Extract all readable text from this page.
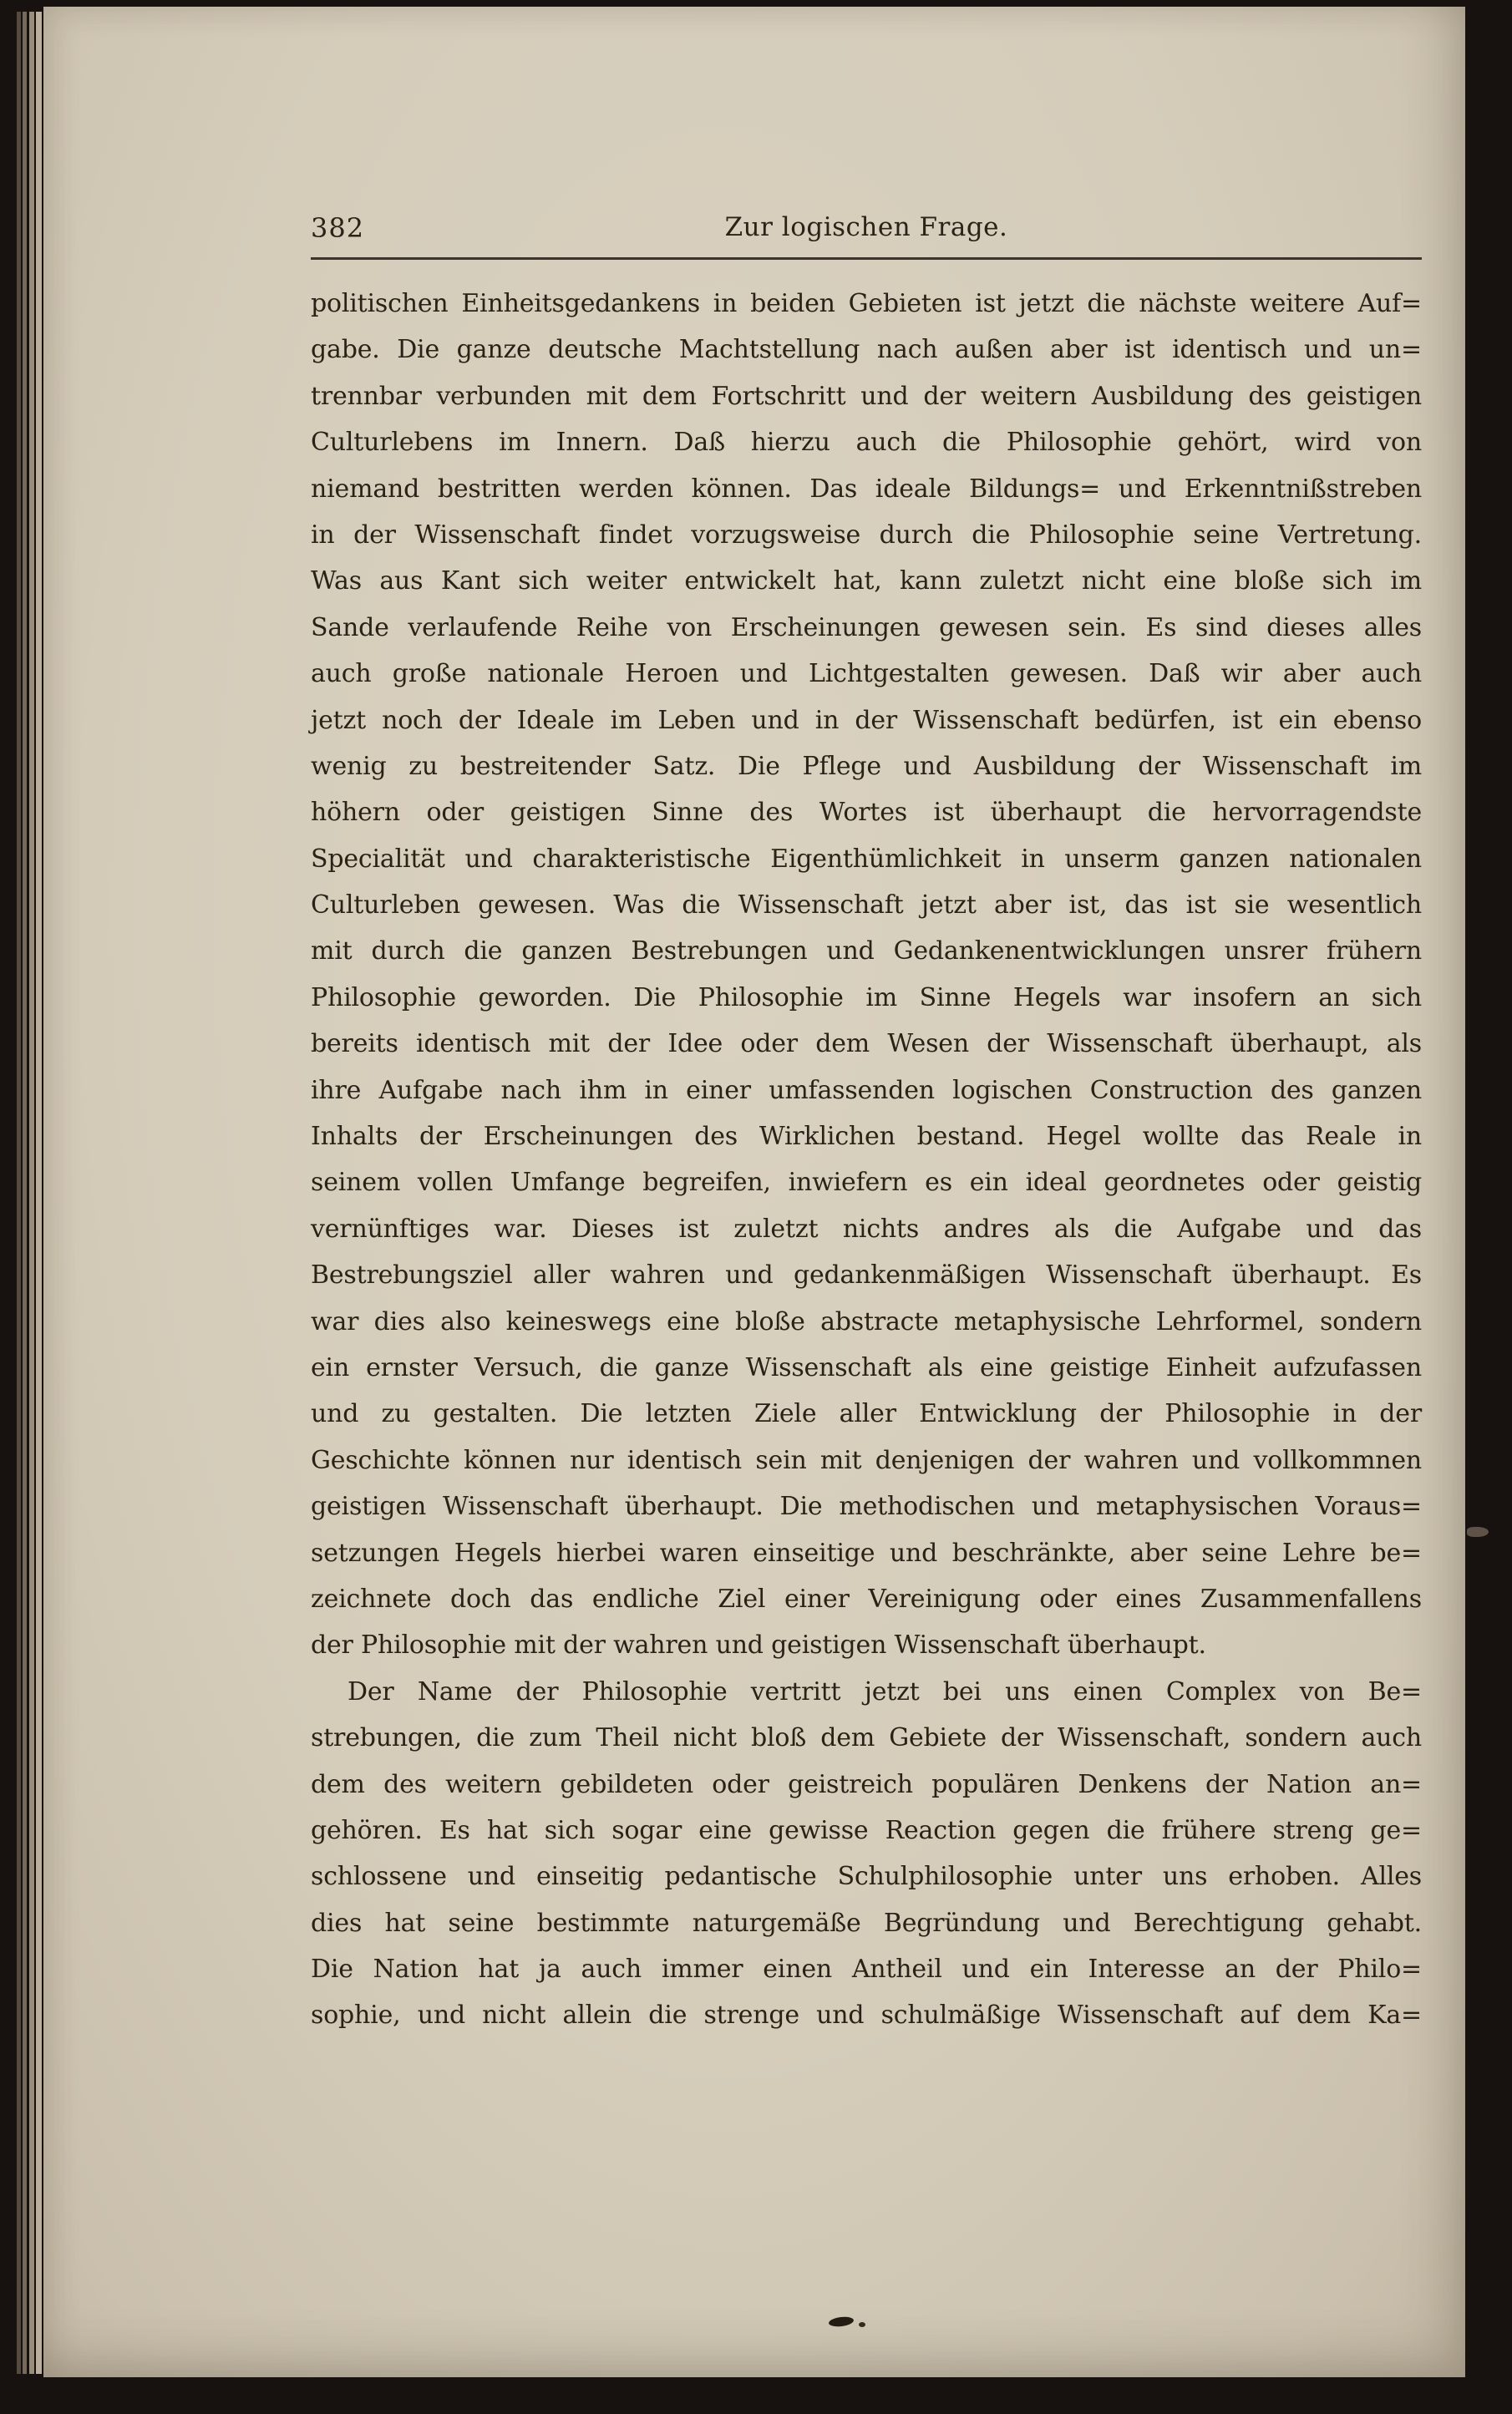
382	Zur logischen Frage.
politischen Einheitsgedankens in beiden Gebieten ist jetzt die nächste weitere Auf=
gabe. Die ganze deutsche Machtstellung nach außen aber ist identisch und un=
trennbar verbunden mit dem Fortschritt und der weitern Ausbildung des geistigen
Culturlebens im Innern. Daß hierzu auch die Philosophie gehört, wird von
niemand bestritten werden können. Das ideale Bildungs= und Erkenntnißstreben
in der Wissenschaft findet vorzugsweise durch die Philosophie seine Vertretung.
Was aus Kant sich weiter entwickelt hat, kann zuletzt nicht eine bloße sich im
Sande verlaufende Reihe von Erscheinungen gewesen sein. Es sind dieses alles
auch große nationale Heroen und Lichtgestalten gewesen. Daß wir aber auch
jetzt noch der Ideale im Leben und in der Wissenschaft bedürfen, ist ein ebenso
wenig zu bestreitender Satz. Die Pflege und Ausbildung der Wissenschaft im
höhern oder geistigen Sinne des Wortes ist überhaupt die hervorragendste
Specialität und charakteristische Eigenthümlichkeit in unserm ganzen nationalen
Culturleben gewesen. Was die Wissenschaft jetzt aber ist, das ist sie wesentlich
mit durch die ganzen Bestrebungen und Gedankenentwicklungen unsrer frühern
Philosophie geworden. Die Philosophie im Sinne Hegels war insofern an sich
bereits identisch mit der Idee oder dem Wesen der Wissenschaft überhaupt, als
ihre Aufgabe nach ihm in einer umfassenden logischen Construction des ganzen
Inhalts der Erscheinungen des Wirklichen bestand. Hegel wollte das Reale in
seinem vollen Umfange begreifen, inwiefern es ein ideal geordnetes oder geistig
vernünftiges war. Dieses ist zuletzt nichts andres als die Aufgabe und das
Bestrebungsziel aller wahren und gedankenmäßigen Wissenschaft überhaupt. Es
war dies also keineswegs eine bloße abstracte metaphysische Lehrformel, sondern
ein ernster Versuch, die ganze Wissenschaft als eine geistige Einheit aufzufassen
und zu gestalten. Die letzten Ziele aller Entwicklung der Philosophie in der
Geschichte können nur identisch sein mit denjenigen der wahren und vollkommnen
geistigen Wissenschaft überhaupt. Die methodischen und metaphysischen Voraus=
setzungen Hegels hierbei waren einseitige und beschränkte, aber seine Lehre be=
zeichnete doch das endliche Ziel einer Vereinigung oder eines Zusammenfallens
der Philosophie mit der wahren und geistigen Wissenschaft überhaupt.
Der Name der Philosophie vertritt jetzt bei uns einen Complex von Be=
strebungen, die zum Theil nicht bloß dem Gebiete der Wissenschaft, sondern auch
dem des weitern gebildeten oder geistreich populären Denkens der Nation an=
gehören. Es hat sich sogar eine gewisse Reaction gegen die frühere streng ge=
schlossene und einseitig pedantische Schulphilosophie unter uns erhoben. Alles
dies hat seine bestimmte naturgemäße Begründung und Berechtigung gehabt.
Die Nation hat ja auch immer einen Antheil und ein Interesse an der Philo=
sophie, und nicht allein die strenge und schulmäßige Wissenschaft auf dem Ka=
